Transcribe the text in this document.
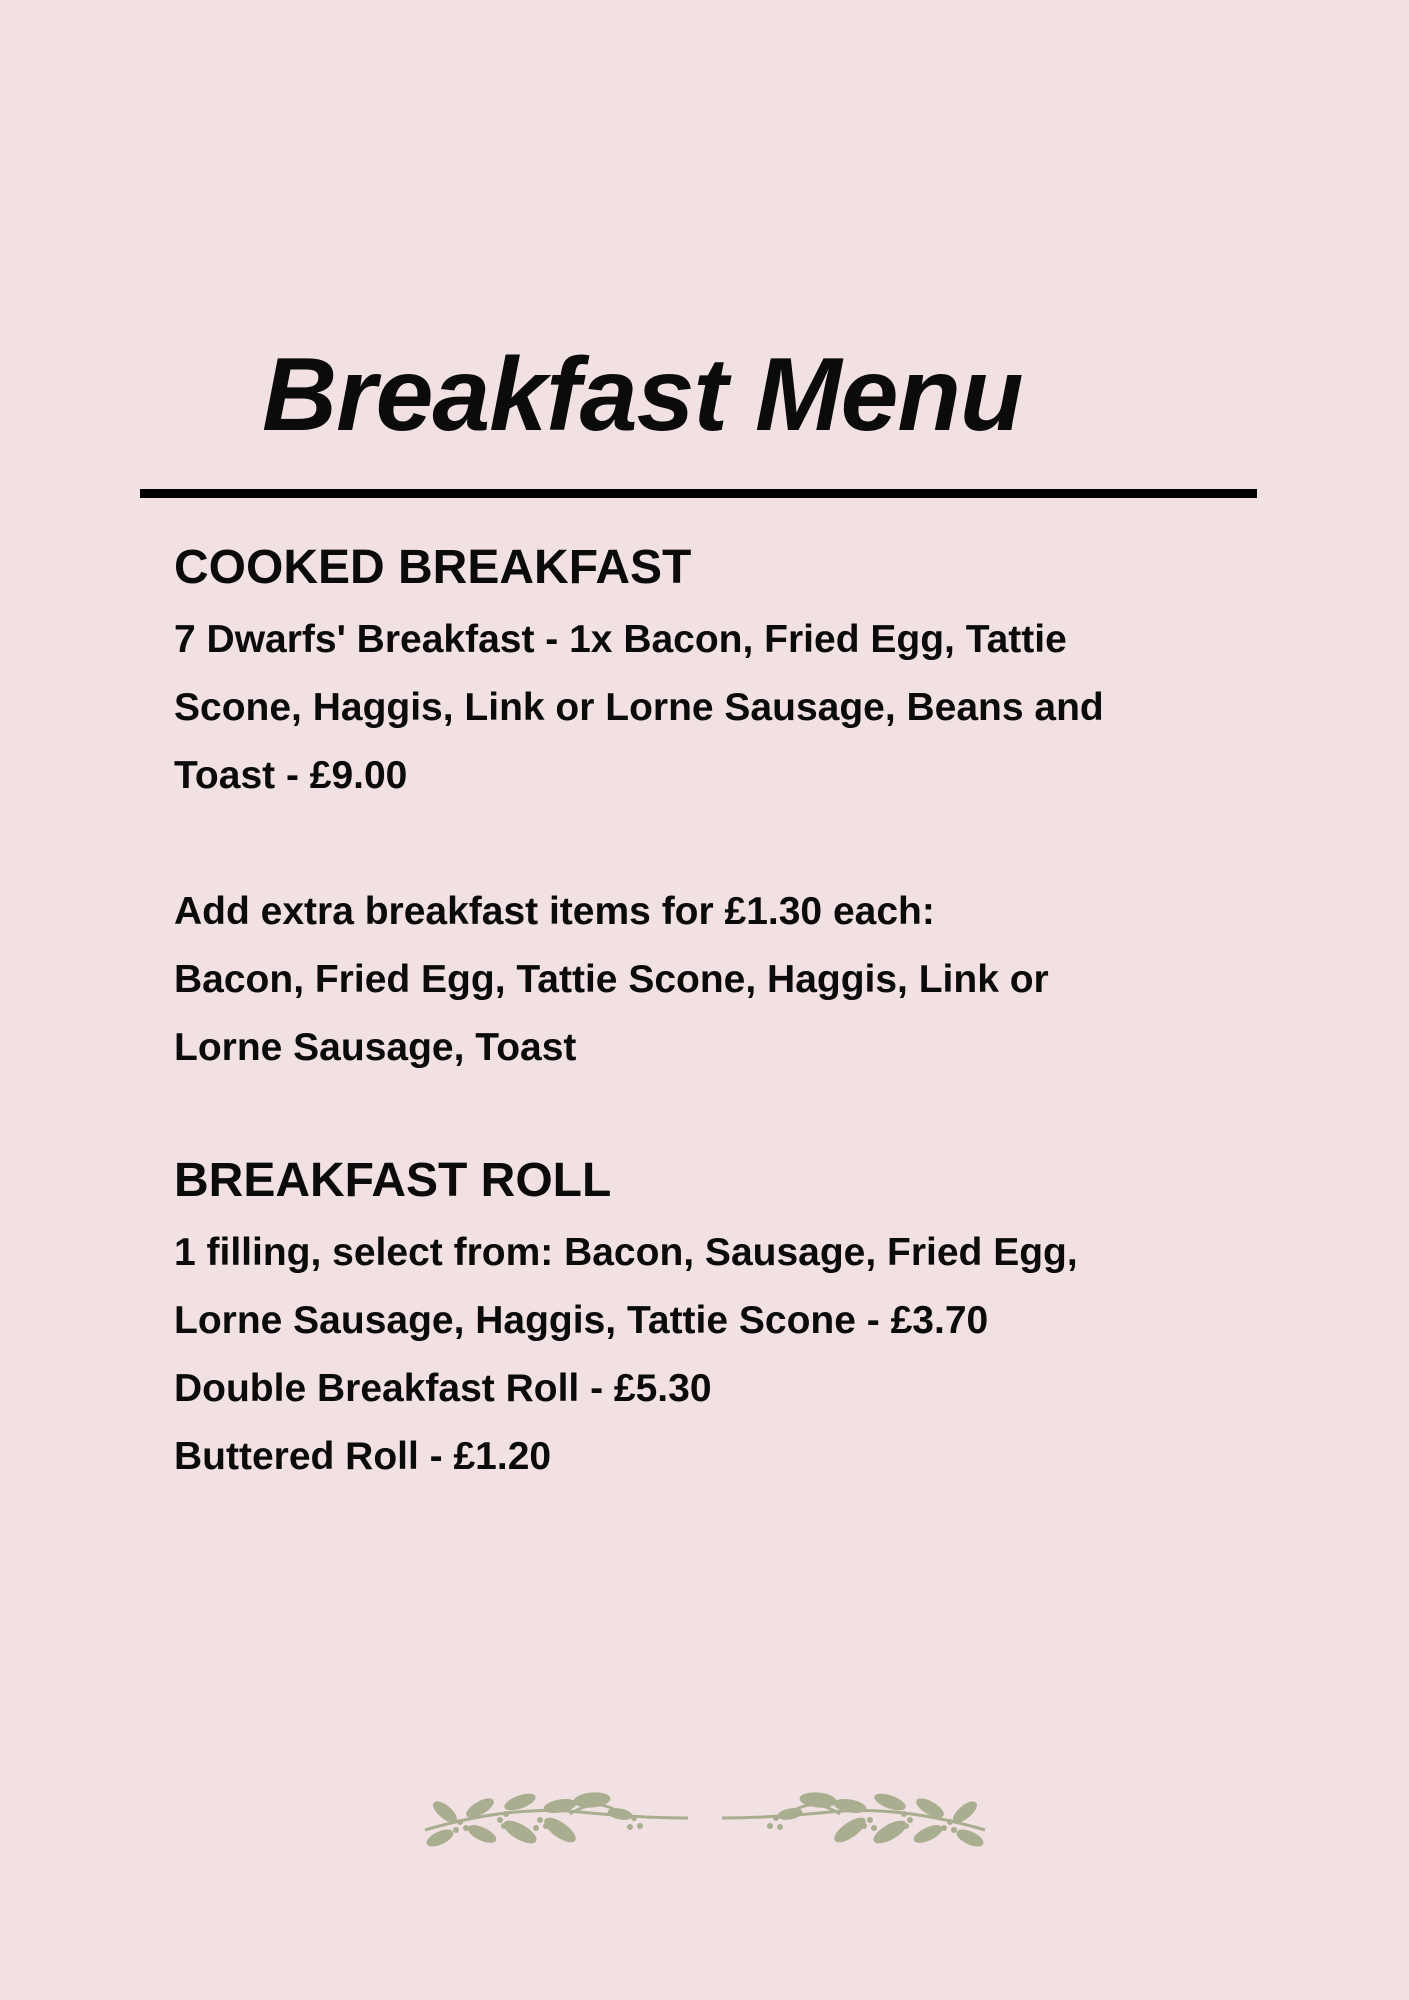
Breakfast Menu
COOKED BREAKFAST
7 Dwarfs' Breakfast - 1x Bacon, Fried Egg, Tattie
Scone, Haggis, Link or Lorne Sausage, Beans and
Toast - £9.00
Add extra breakfast items for £1.30 each:
Bacon, Fried Egg, Tattie Scone, Haggis, Link or
Lorne Sausage, Toast
BREAKFAST ROLL
1 filling, select from: Bacon, Sausage, Fried Egg,
Lorne Sausage, Haggis, Tattie Scone - £3.70
Double Breakfast Roll - £5.30
Buttered Roll - £1.20
